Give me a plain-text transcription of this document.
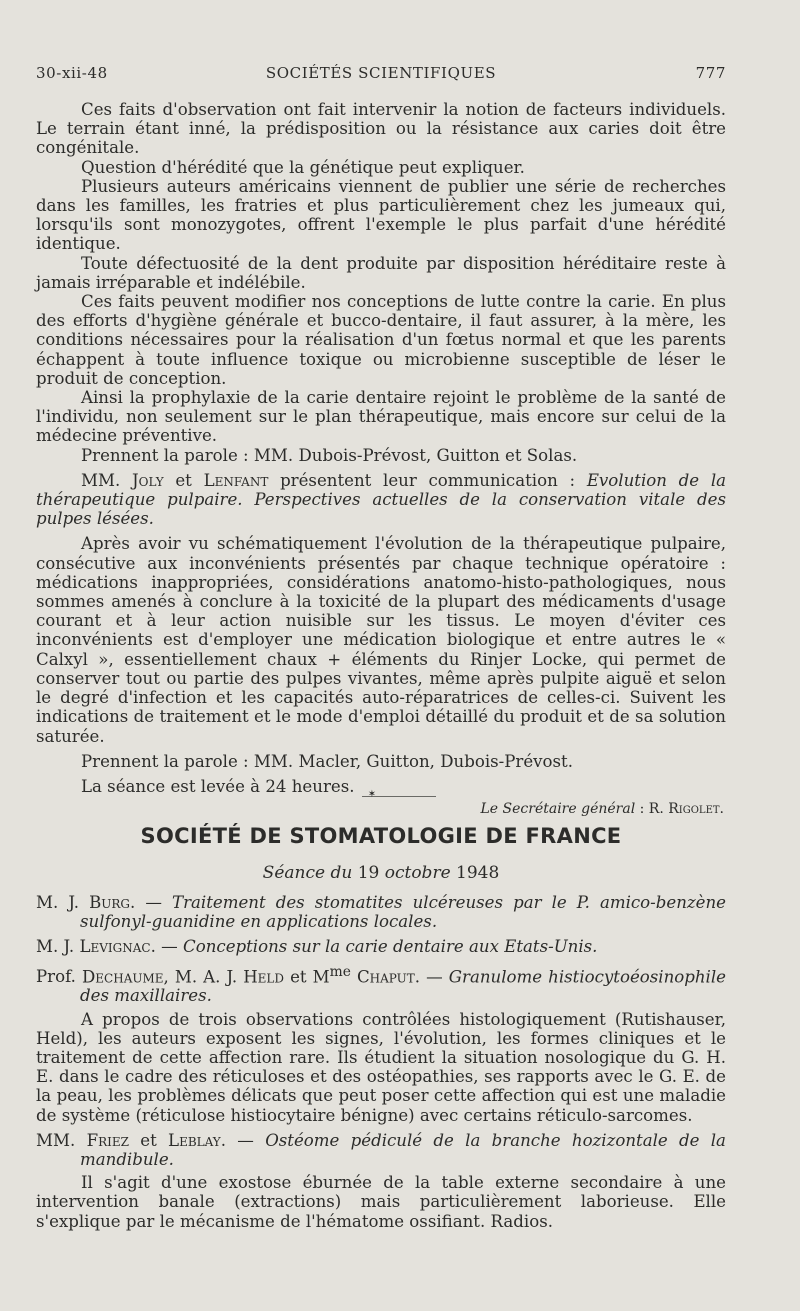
30-xii-48	SOCIÉTÉS SCIENTIFIQUES	777

Ces faits d'observation ont fait intervenir la notion de facteurs individuels. Le terrain étant inné, la prédisposition ou la résistance aux caries doit être congénitale.

Question d'hérédité que la génétique peut expliquer.

Plusieurs auteurs américains viennent de publier une série de recherches dans les familles, les fratries et plus particulièrement chez les jumeaux qui, lorsqu'ils sont monozygotes, offrent l'exemple le plus parfait d'une hérédité identique.

Toute défectuosité de la dent produite par disposition héréditaire reste à jamais irréparable et indélébile.

Ces faits peuvent modifier nos conceptions de lutte contre la carie. En plus des efforts d'hygiène générale et bucco-dentaire, il faut assurer, à la mère, les conditions nécessaires pour la réalisation d'un fœtus normal et que les parents échappent à toute influence toxique ou microbienne susceptible de léser le produit de conception.

Ainsi la prophylaxie de la carie dentaire rejoint le problème de la santé de l'individu, non seulement sur le plan thérapeutique, mais encore sur celui de la médecine préventive.

Prennent la parole : MM. Dubois-Prévost, Guitton et Solas.

MM. Joly et Lenfant présentent leur communication : Evolution de la thérapeutique pulpaire. Perspectives actuelles de la conservation vitale des pulpes lésées.

Après avoir vu schématiquement l'évolution de la thérapeutique pulpaire, consécutive aux inconvénients présentés par chaque technique opératoire : médications inappropriées, considérations anatomo-histo-pathologiques, nous sommes amenés à conclure à la toxicité de la plupart des médicaments d'usage courant et à leur action nuisible sur les tissus. Le moyen d'éviter ces inconvénients est d'employer une médication biologique et entre autres le « Calxyl », essentiellement chaux + éléments du Rinjer Locke, qui permet de conserver tout ou partie des pulpes vivantes, même après pulpite aiguë et selon le degré d'infection et les capacités auto-réparatrices de celles-ci. Suivent les indications de traitement et le mode d'emploi détaillé du produit et de sa solution saturée.

Prennent la parole : MM. Macler, Guitton, Dubois-Prévost.

La séance est levée à 24 heures.

Le Secrétaire général : R. Rigolet.

✶
SOCIÉTÉ DE STOMATOLOGIE DE FRANCE
Séance du 19 octobre 1948

M. J. Burg. — Traitement des stomatites ulcéreuses par le P. amico-benzène sulfonyl-guanidine en applications locales.

M. J. Levignac. — Conceptions sur la carie dentaire aux Etats-Unis.

Prof. Dechaume, M. A. J. Held et $M^{me}$ Chaput. — Granulome histiocytoéosinophile des maxillaires.

A propos de trois observations contrôlées histologiquement (Rutishauser, Held), les auteurs exposent les signes, l'évolution, les formes cliniques et le traitement de cette affection rare. Ils étudient la situation nosologique du G. H. E. dans le cadre des réticuloses et des ostéopathies, ses rapports avec le G. E. de la peau, les problèmes délicats que peut poser cette affection qui est une maladie de système (réticulose histiocytaire bénigne) avec certains réticulo-sarcomes.

MM. Friez et Leblay. — Ostéome pédiculé de la branche hozizontale de la mandibule.

Il s'agit d'une exostose éburnée de la table externe secondaire à une intervention banale (extractions) mais particulièrement laborieuse. Elle s'explique par le mécanisme de l'hématome ossifiant. Radios.
